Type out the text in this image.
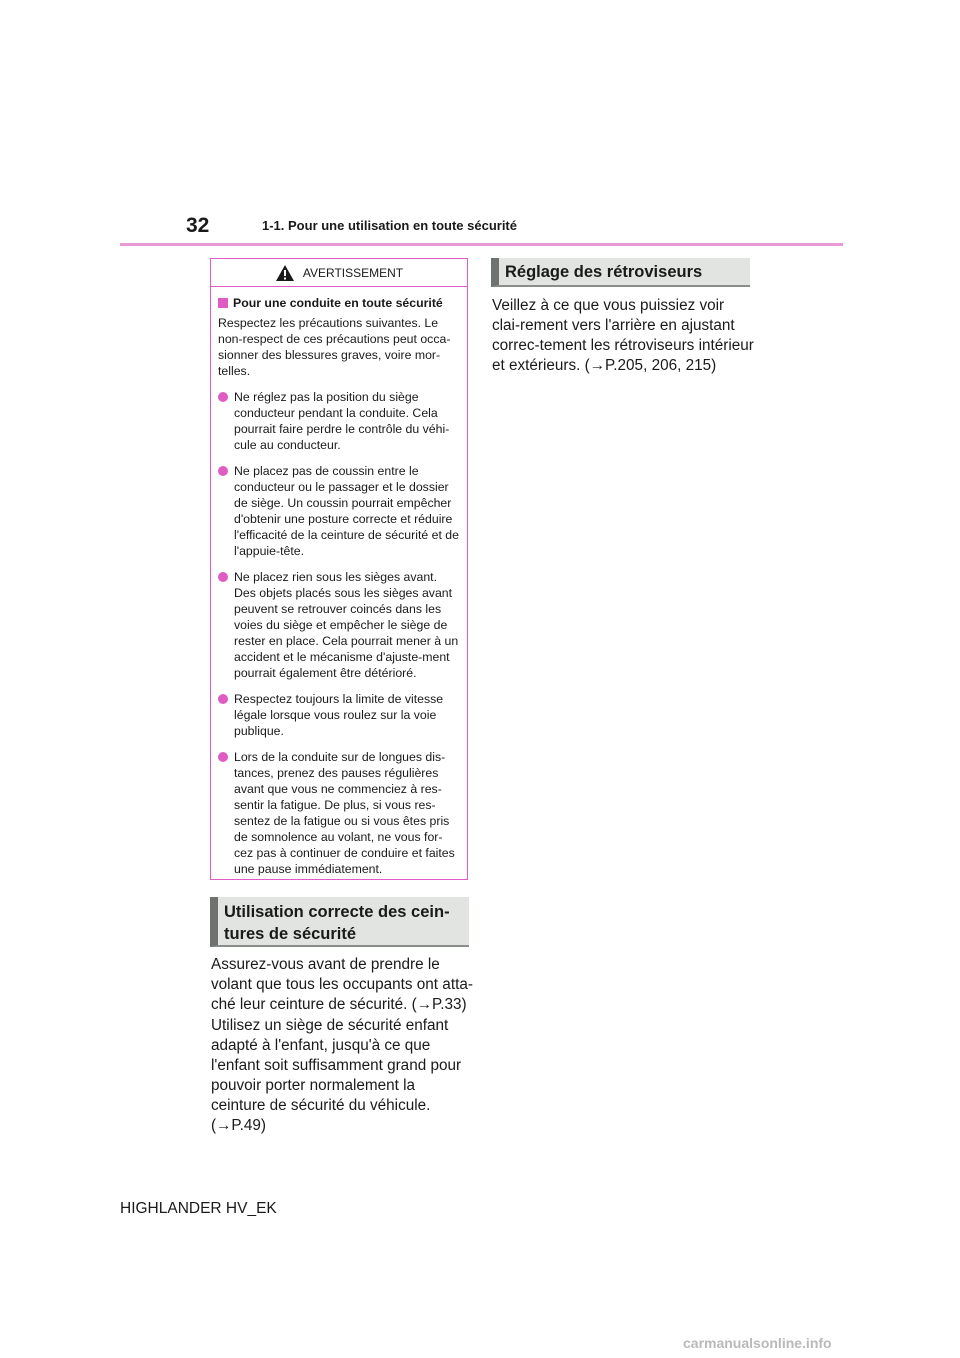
32	1-1. Pour une utilisation en toute sécurité
AVERTISSEMENT
Pour une conduite en toute sécurité
Respectez les précautions suivantes. Le non-respect de ces précautions peut occa-sionner des blessures graves, voire mor-telles.
Ne réglez pas la position du siège conducteur pendant la conduite. Cela pourrait faire perdre le contrôle du véhi-cule au conducteur.
Ne placez pas de coussin entre le conducteur ou le passager et le dossier de siège. Un coussin pourrait empêcher d'obtenir une posture correcte et réduire l'efficacité de la ceinture de sécurité et de l'appuie-tête.
Ne placez rien sous les sièges avant. Des objets placés sous les sièges avant peuvent se retrouver coincés dans les voies du siège et empêcher le siège de rester en place. Cela pourrait mener à un accident et le mécanisme d'ajuste-ment pourrait également être détérioré.
Respectez toujours la limite de vitesse légale lorsque vous roulez sur la voie publique.
Lors de la conduite sur de longues dis-tances, prenez des pauses régulières avant que vous ne commenciez à res-sentir la fatigue. De plus, si vous res-sentez de la fatigue ou si vous êtes pris de somnolence au volant, ne vous for-cez pas à continuer de conduire et faites une pause immédiatement.
Utilisation correcte des cein-tures de sécurité
Assurez-vous avant de prendre le volant que tous les occupants ont atta-ché leur ceinture de sécurité. (→P.33)
Utilisez un siège de sécurité enfant adapté à l'enfant, jusqu'à ce que l'enfant soit suffisamment grand pour pouvoir porter normalement la ceinture de sécurité du véhicule. (→P.49)
Réglage des rétroviseurs
Veillez à ce que vous puissiez voir clai-rement vers l'arrière en ajustant correc-tement les rétroviseurs intérieur et extérieurs. (→P.205, 206, 215)
HIGHLANDER HV_EK
carmanualsonline.info
